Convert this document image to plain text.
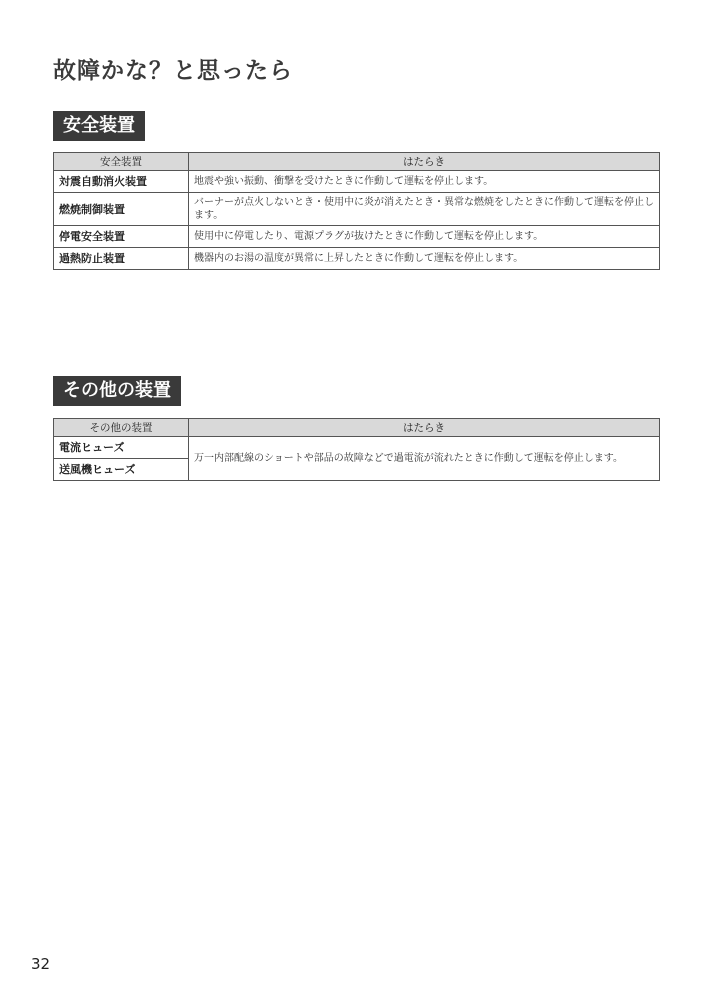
故障かな？と思ったら
安全装置
安全装置	はたらき
対震自動消火装置	地震や強い振動、衝撃を受けたときに作動して運転を停止します。
燃焼制御装置	バーナーが点火しないとき・使用中に炎が消えたとき・異常な燃焼をしたときに作動して運転を停止します。
停電安全装置	使用中に停電したり、電源プラグが抜けたときに作動して運転を停止します。
過熱防止装置	機器内のお湯の温度が異常に上昇したときに作動して運転を停止します。
その他の装置
その他の装置	はたらき
電流ヒューズ	万一内部配線のショートや部品の故障などで過電流が流れたときに作動して運転を停止します。
送風機ヒューズ	
32
